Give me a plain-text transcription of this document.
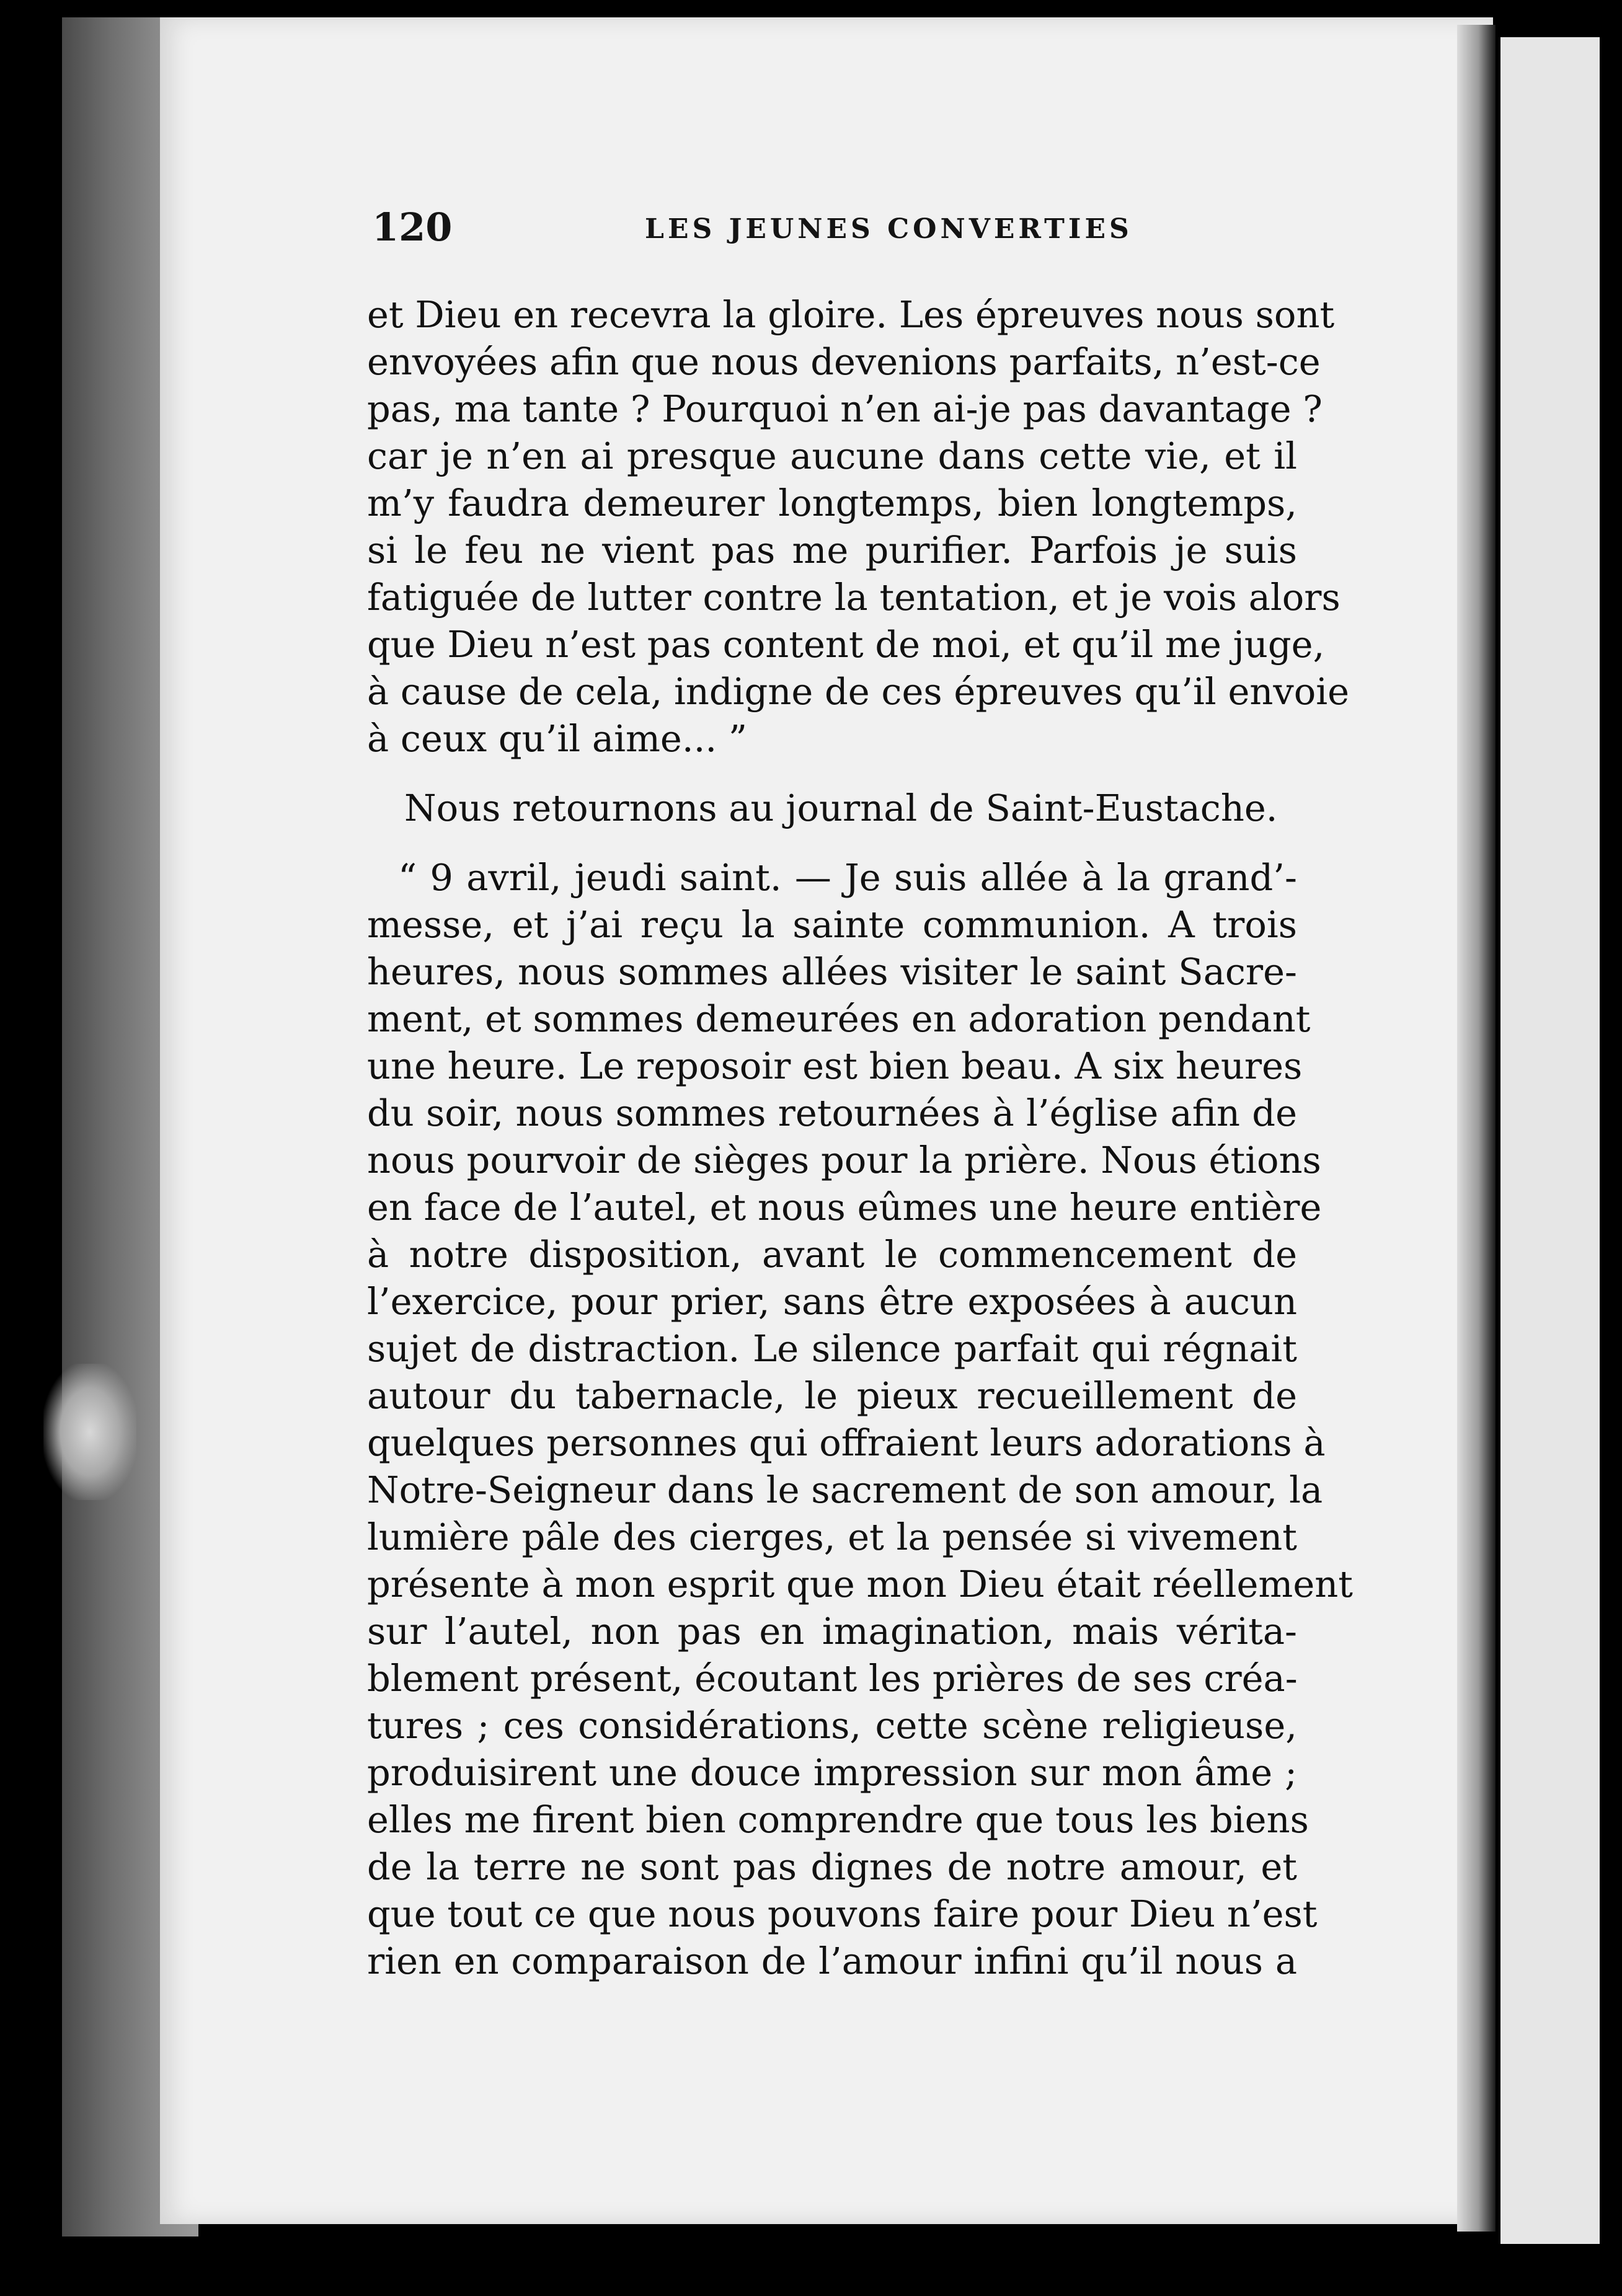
120	LES JEUNES CONVERTIES
et Dieu en recevra la gloire. Les épreuves nous sont
envoyées afin que nous devenions parfaits, n’est-ce
pas, ma tante ? Pourquoi n’en ai-je pas davantage ?
car je n’en ai presque aucune dans cette vie, et il
m’y faudra demeurer longtemps, bien longtemps,
si le feu ne vient pas me purifier. Parfois je suis
fatiguée de lutter contre la tentation, et je vois alors
que Dieu n’est pas content de moi, et qu’il me juge,
à cause de cela, indigne de ces épreuves qu’il envoie
à ceux qu’il aime... ”
Nous retournons au journal de Saint-Eustache.
“ 9 avril, jeudi saint. — Je suis allée à la grand’-
messe, et j’ai reçu la sainte communion. A trois
heures, nous sommes allées visiter le saint Sacre-
ment, et sommes demeurées en adoration pendant
une heure. Le reposoir est bien beau. A six heures
du soir, nous sommes retournées à l’église afin de
nous pourvoir de sièges pour la prière. Nous étions
en face de l’autel, et nous eûmes une heure entière
à notre disposition, avant le commencement de
l’exercice, pour prier, sans être exposées à aucun
sujet de distraction. Le silence parfait qui régnait
autour du tabernacle, le pieux recueillement de
quelques personnes qui offraient leurs adorations à
Notre-Seigneur dans le sacrement de son amour, la
lumière pâle des cierges, et la pensée si vivement
présente à mon esprit que mon Dieu était réellement
sur l’autel, non pas en imagination, mais vérita-
blement présent, écoutant les prières de ses créa-
tures ; ces considérations, cette scène religieuse,
produisirent une douce impression sur mon âme ;
elles me firent bien comprendre que tous les biens
de la terre ne sont pas dignes de notre amour, et
que tout ce que nous pouvons faire pour Dieu n’est
rien en comparaison de l’amour infini qu’il nous a
